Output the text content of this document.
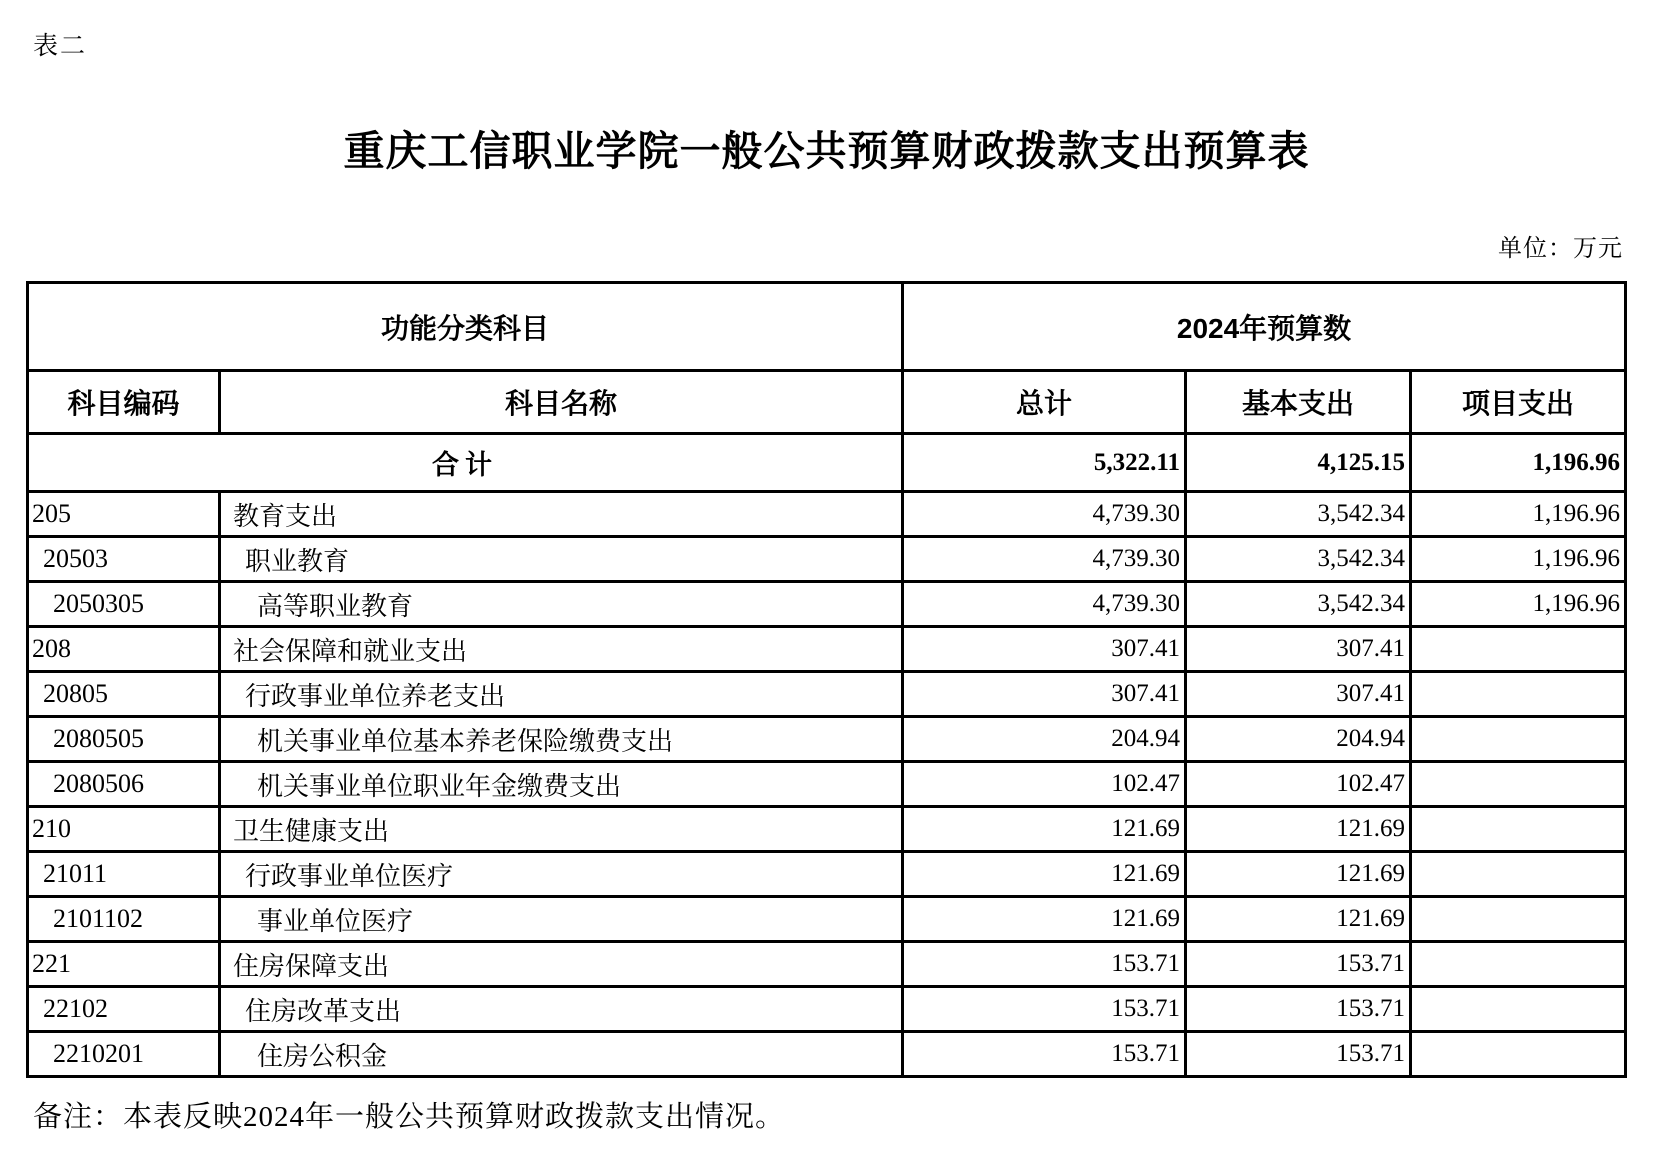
表二
重庆工信职业学院一般公共预算财政拨款支出预算表
单位：万元
功能分类科目		2024年预算数		
科目编码	科目名称	总计	基本支出	项目支出
合计		5,322.11	4,125.15	1,196.96
205	教育支出	4,739.30	3,542.34	1,196.96
20503	职业教育	4,739.30	3,542.34	1,196.96
2050305	高等职业教育	4,739.30	3,542.34	1,196.96
208	社会保障和就业支出	307.41	307.41	
20805	行政事业单位养老支出	307.41	307.41	
2080505	机关事业单位基本养老保险缴费支出	204.94	204.94	
2080506	机关事业单位职业年金缴费支出	102.47	102.47	
210	卫生健康支出	121.69	121.69	
21011	行政事业单位医疗	121.69	121.69	
2101102	事业单位医疗	121.69	121.69	
221	住房保障支出	153.71	153.71	
22102	住房改革支出	153.71	153.71	
2210201	住房公积金	153.71	153.71	
备注：本表反映2024年一般公共预算财政拨款支出情况。
